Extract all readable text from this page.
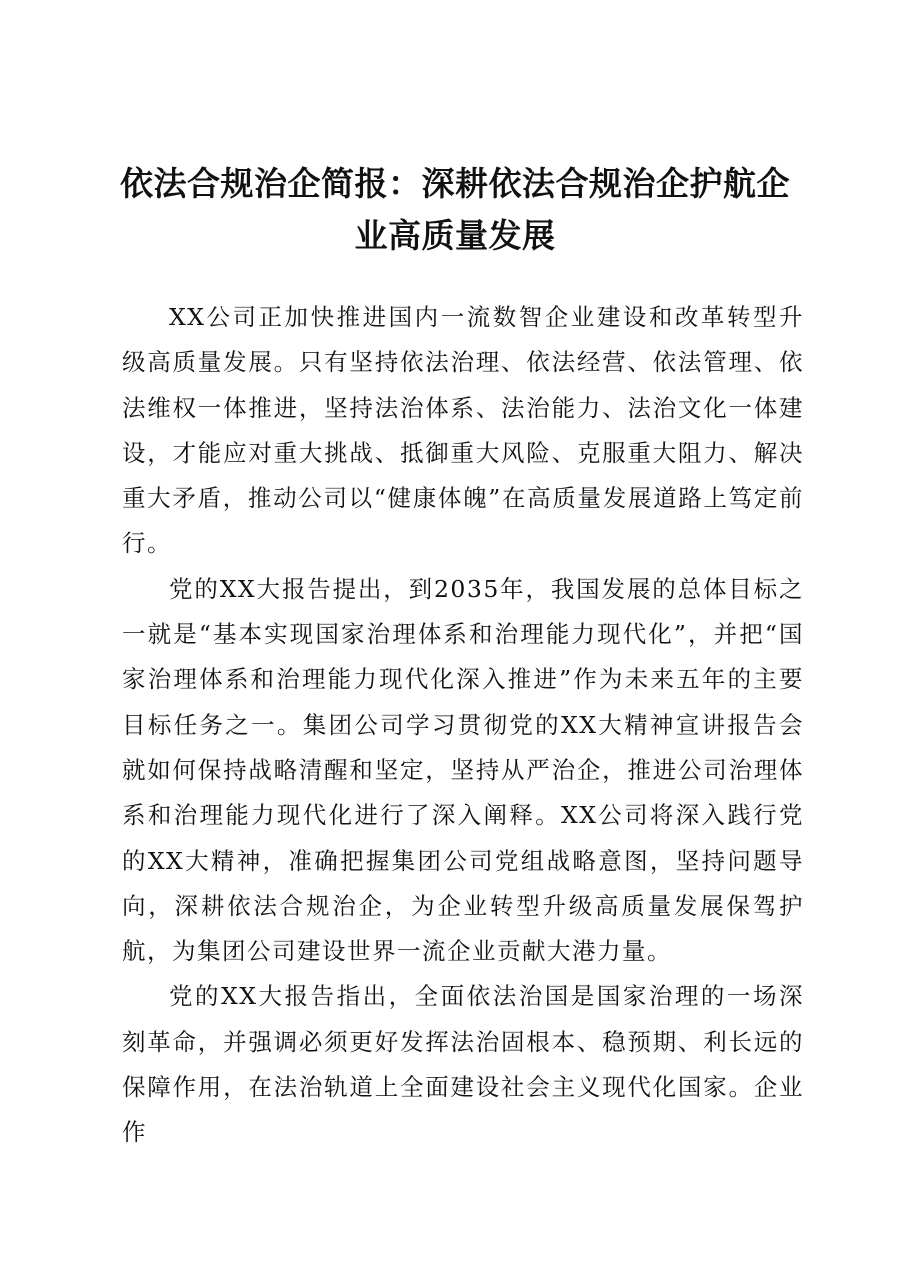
依法合规治企简报：深耕依法合规治企护航企业高质量发展

XX公司正加快推进国内一流数智企业建设和改革转型升级高质量发展。只有坚持依法治理、依法经营、依法管理、依法维权一体推进，坚持法治体系、法治能力、法治文化一体建设，才能应对重大挑战、抵御重大风险、克服重大阻力、解决重大矛盾，推动公司以“健康体魄”在高质量发展道路上笃定前行。

党的XX大报告提出，到2035年，我国发展的总体目标之一就是“基本实现国家治理体系和治理能力现代化”，并把“国家治理体系和治理能力现代化深入推进”作为未来五年的主要目标任务之一。集团公司学习贯彻党的XX大精神宣讲报告会就如何保持战略清醒和坚定，坚持从严治企，推进公司治理体系和治理能力现代化进行了深入阐释。XX公司将深入践行党的XX大精神，准确把握集团公司党组战略意图，坚持问题导向，深耕依法合规治企，为企业转型升级高质量发展保驾护航，为集团公司建设世界一流企业贡献大港力量。

党的XX大报告指出，全面依法治国是国家治理的一场深刻革命，并强调必须更好发挥法治固根本、稳预期、利长远的保障作用，在法治轨道上全面建设社会主义现代化国家。企业作
